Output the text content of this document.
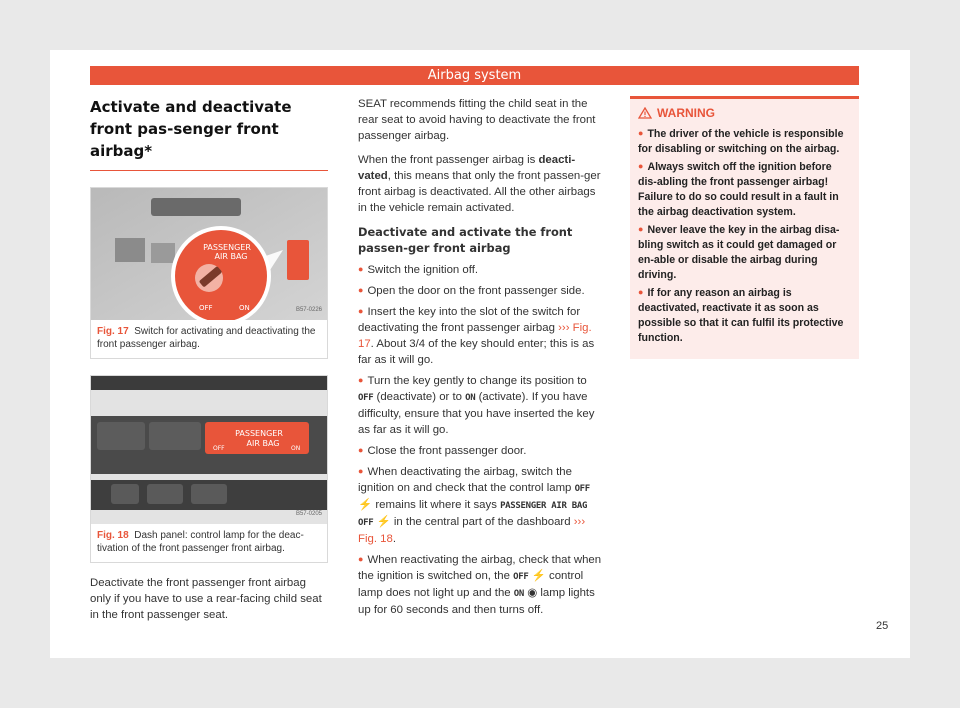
Airbag system
Activate and deactivate front pas-senger front airbag*
PASSENGER
AIR BAG
OFF	ON	B57-0226
Fig. 17 Switch for activating and deactivating the front passenger airbag.
PASSENGER
AIR BAG
ON
OFF
B57-0205
Fig. 18 Dash panel: control lamp for the deac-tivation of the front passenger front airbag.

Deactivate the front passenger front airbag only if you have to use a rear-facing child seat in the front passenger seat.

SEAT recommends fitting the child seat in the rear seat to avoid having to deactivate the front passenger airbag.

When the front passenger airbag is deacti-vated, this means that only the front passen-ger front airbag is deactivated. All the other airbags in the vehicle remain activated.

Deactivate and activate the front passen-ger front airbag
● Switch the ignition off.
● Open the door on the front passenger side.
● Insert the key into the slot of the switch for deactivating the front passenger airbag ››› Fig. 17. About 3/4 of the key should enter; this is as far as it will go.
● Turn the key gently to change its position to OFF (deactivate) or to ON (activate). If you have difficulty, ensure that you have inserted the key as far as it will go.
● Close the front passenger door.
● When deactivating the airbag, switch the ignition on and check that the control lamp OFF ⚡ remains lit where it says PASSENGER AIR BAG OFF ⚡ in the central part of the dashboard ››› Fig. 18.
● When reactivating the airbag, check that when the ignition is switched on, the OFF ⚡ control lamp does not light up and the ON ◉ lamp lights up for 60 seconds and then turns off.
WARNING
● The driver of the vehicle is responsible for disabling or switching on the airbag.
● Always switch off the ignition before dis-abling the front passenger airbag! Failure to do so could result in a fault in the airbag deactivation system.
● Never leave the key in the airbag disa-bling switch as it could get damaged or en-able or disable the airbag during driving.
● If for any reason an airbag is deactivated, reactivate it as soon as possible so that it can fulfil its protective function.
25
